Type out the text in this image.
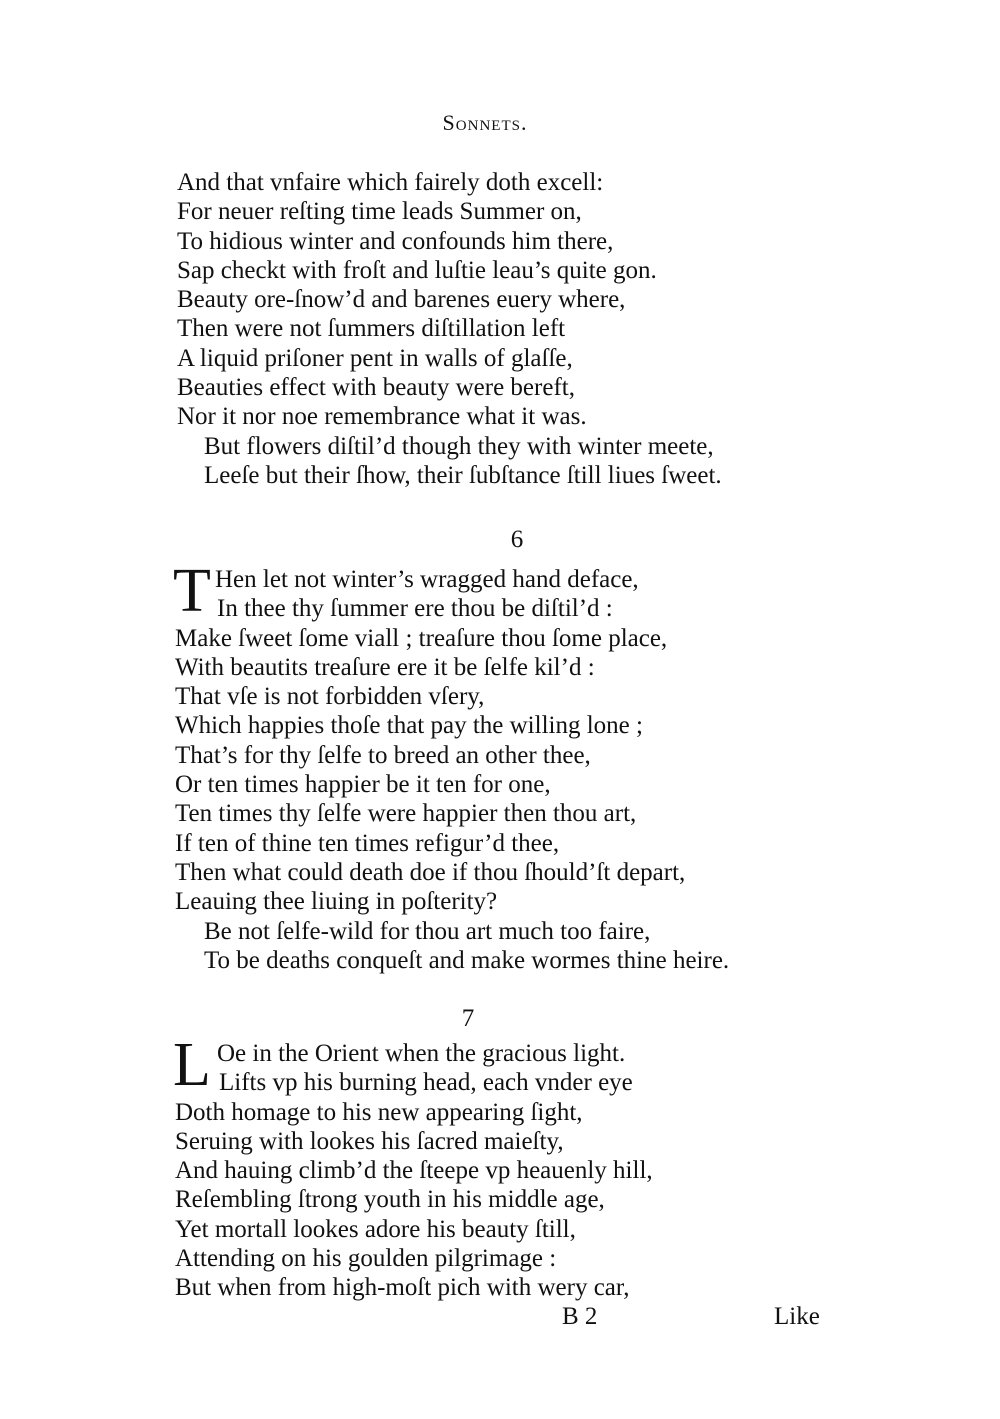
Sonnets.
And that vnfaire which fairely doth excell:
For neuer reſting time leads Summer on,
To hidious winter and confounds him there,
Sap checkt with froſt and luſtie leau’s quite gon.
Beauty ore-ſnow’d and barenes euery where,
Then were not ſummers diſtillation left
A liquid priſoner pent in walls of glaſſe,
Beauties effect with beauty were bereft,
Nor it nor noe remembrance what it was.
But flowers diſtil’d though they with winter meete,
Leeſe but their ſhow, their ſubſtance ſtill liues ſweet.
6
T Hen let not winter’s wragged hand deface,
In thee thy ſummer ere thou be diſtil’d :
Make ſweet ſome viall ; treaſure thou ſome place,
With beautits treaſure ere it be ſelfe kil’d :
That vſe is not forbidden vſery,
Which happies thoſe that pay the willing lone ;
That’s for thy ſelfe to breed an other thee,
Or ten times happier be it ten for one,
Ten times thy ſelfe were happier then thou art,
If ten of thine ten times refigur’d thee,
Then what could death doe if thou ſhould’ſt depart,
Leauing thee liuing in poſterity?
Be not ſelfe-wild for thou art much too faire,
To be deaths conqueſt and make wormes thine heire.
7
L Oe in the Orient when the gracious light.
Lifts vp his burning head, each vnder eye
Doth homage to his new appearing ſight,
Seruing with lookes his ſacred maieſty,
And hauing climb’d the ſteepe vp heauenly hill,
Reſembling ſtrong youth in his middle age,
Yet mortall lookes adore his beauty ſtill,
Attending on his goulden pilgrimage :
But when from high-moſt pich with wery car,
B 2	Like
